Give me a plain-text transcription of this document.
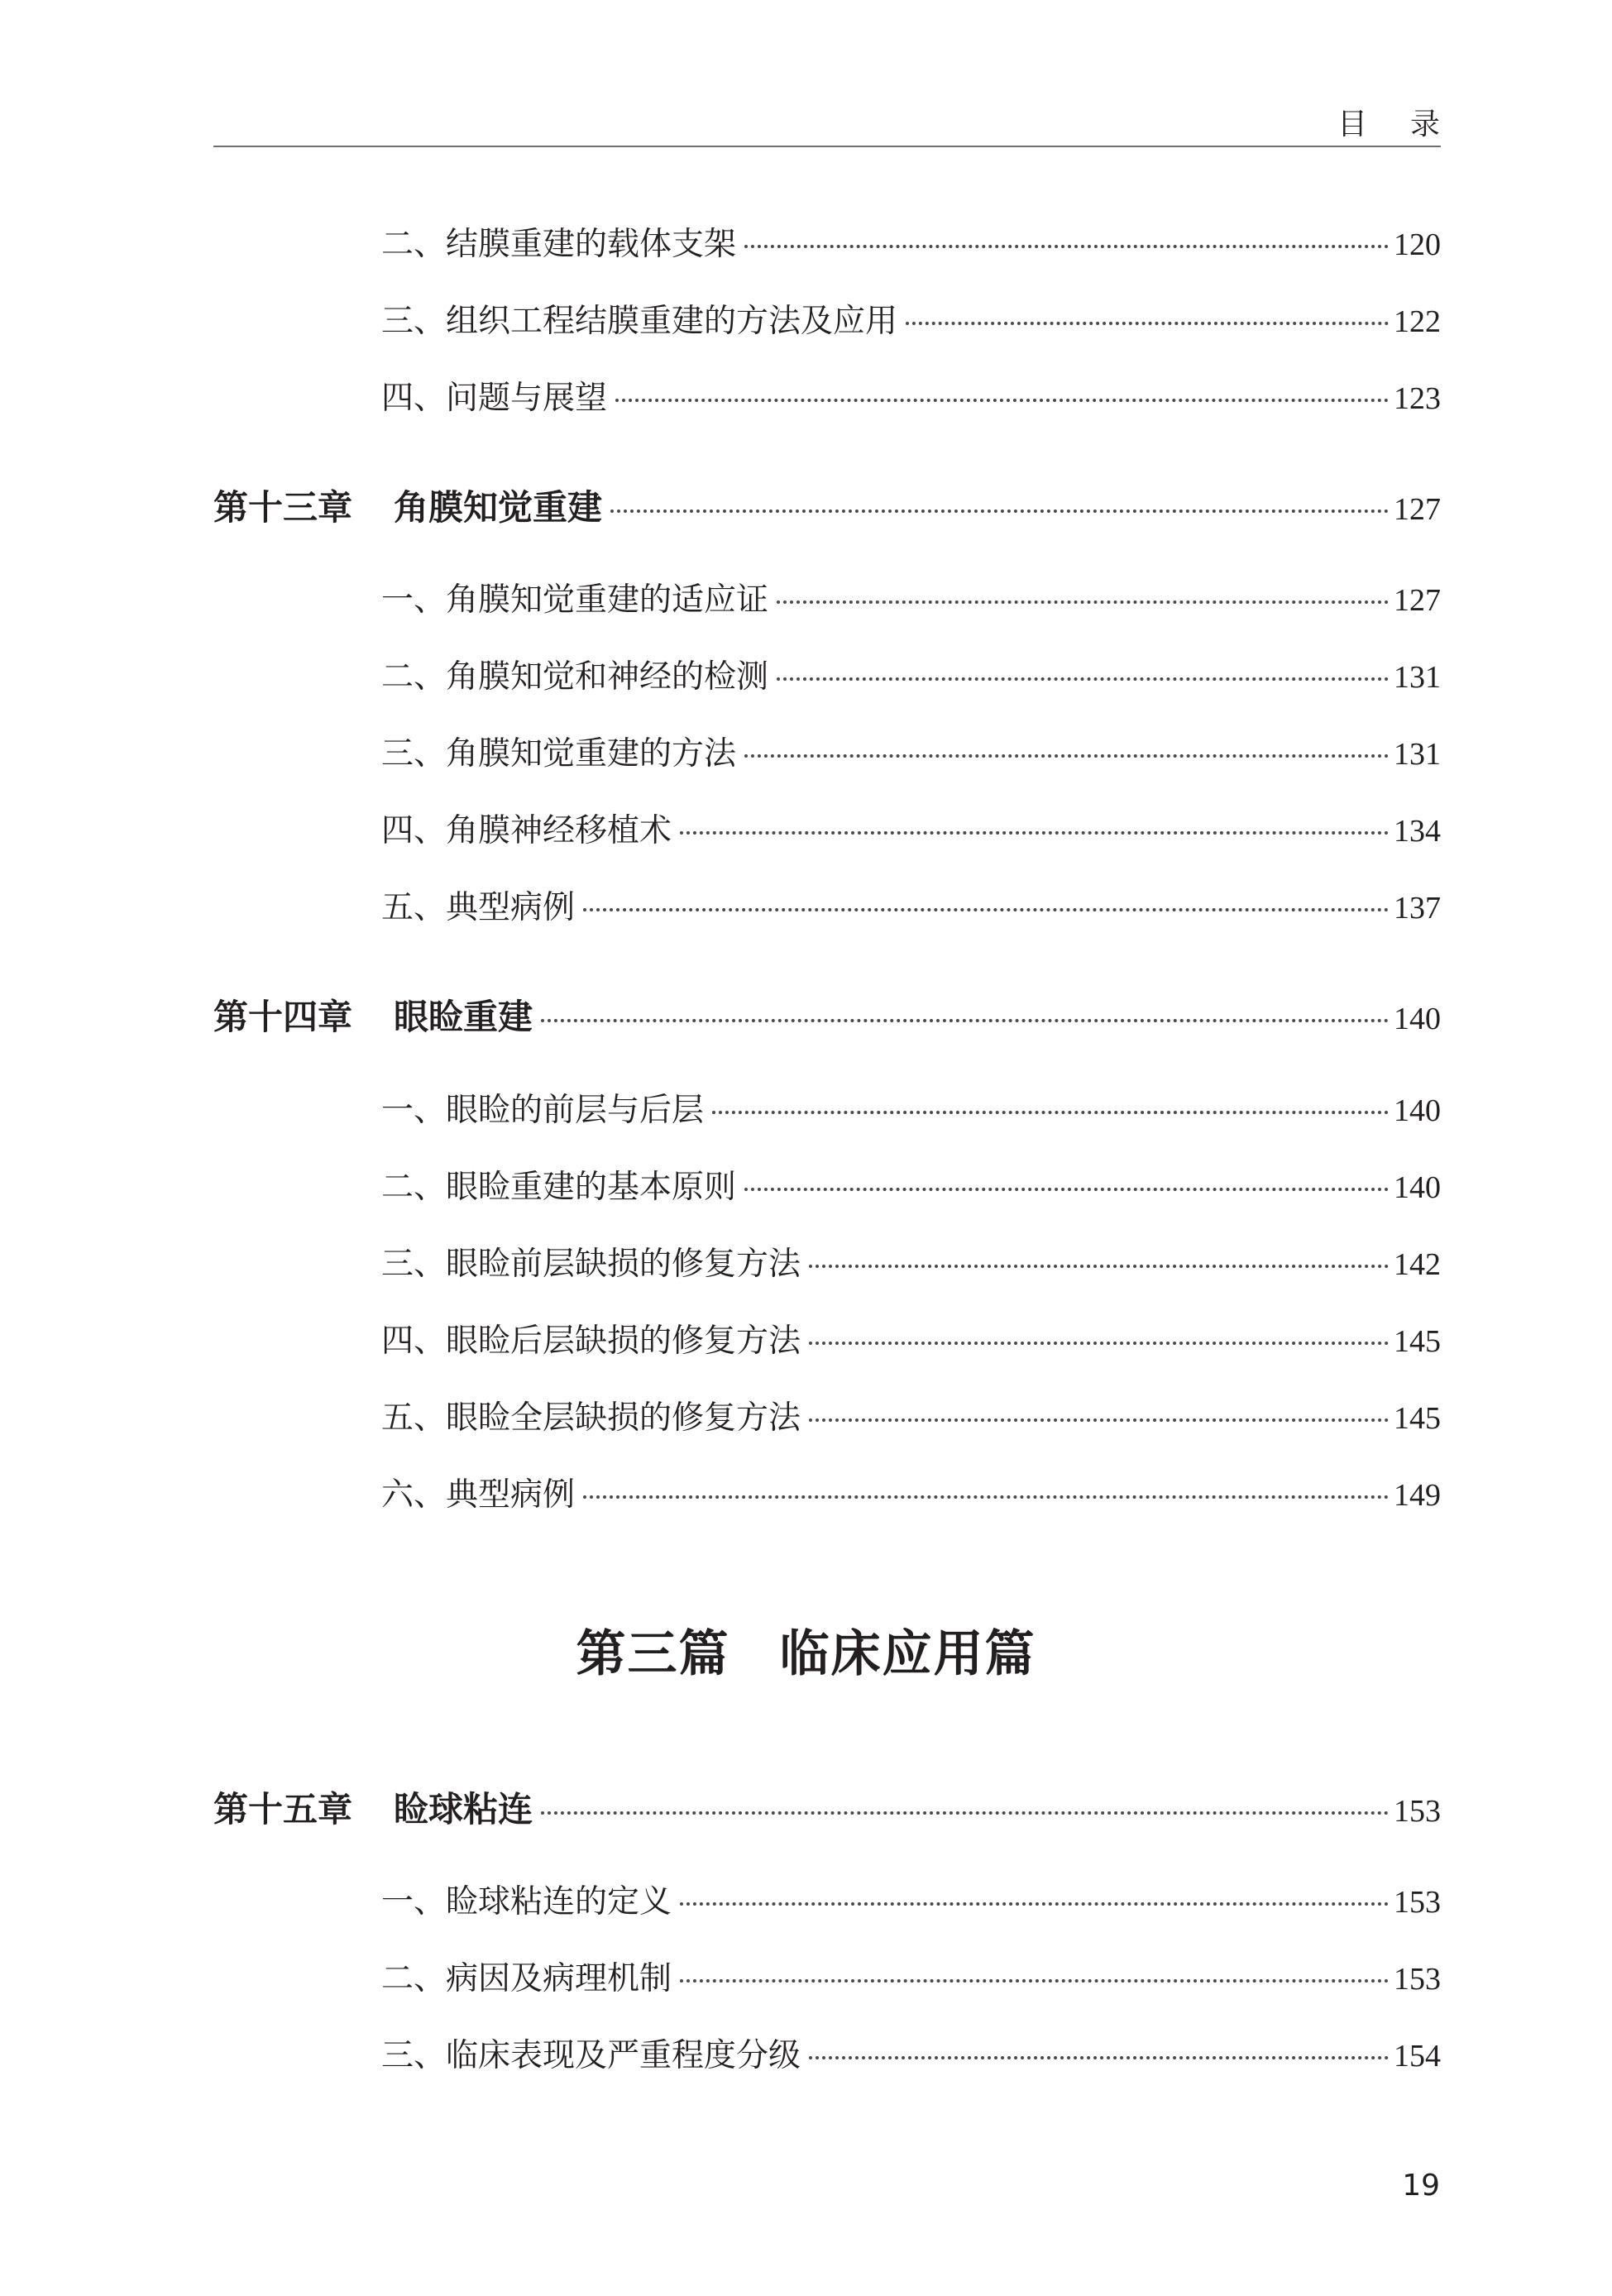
目录
二、结膜重建的载体支架	120
三、组织工程结膜重建的方法及应用	122
四、问题与展望	123
第十三章 角膜知觉重建	127
一、角膜知觉重建的适应证	127
二、角膜知觉和神经的检测	131
三、角膜知觉重建的方法	131
四、角膜神经移植术	134
五、典型病例	137
第十四章 眼睑重建	140
一、眼睑的前层与后层	140
二、眼睑重建的基本原则	140
三、眼睑前层缺损的修复方法	142
四、眼睑后层缺损的修复方法	145
五、眼睑全层缺损的修复方法	145
六、典型病例	149
第十五章 睑球粘连	153
一、睑球粘连的定义	153
二、病因及病理机制	153
三、临床表现及严重程度分级	154
第三篇 临床应用篇
19
